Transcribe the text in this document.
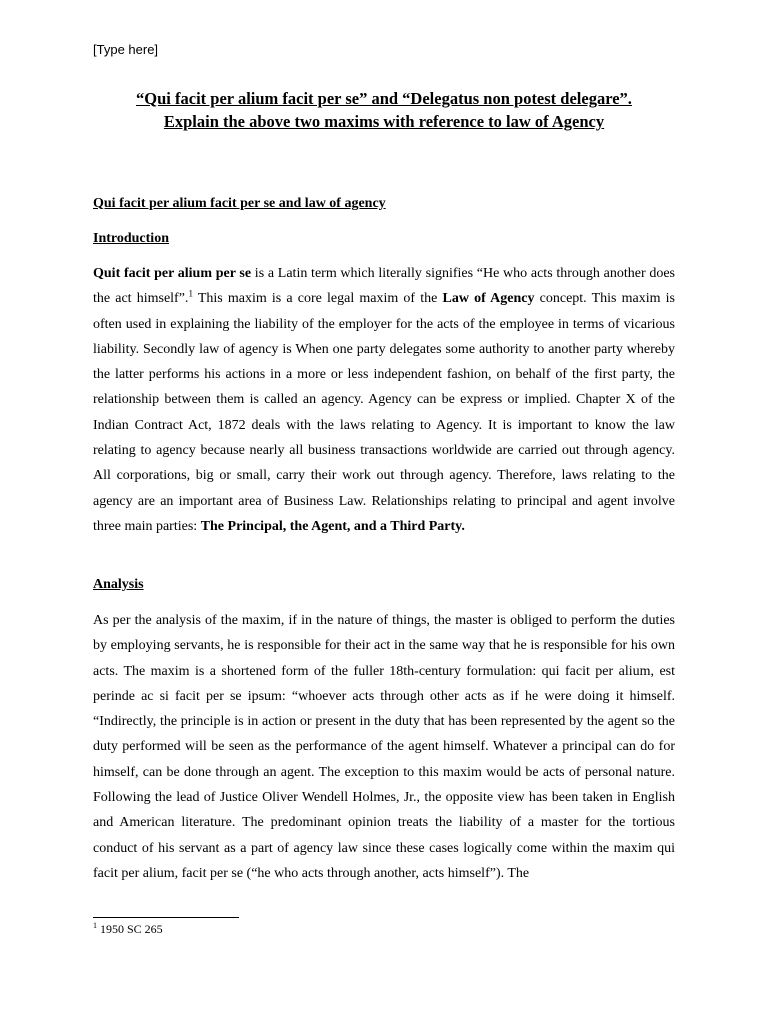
[Type here]
“Qui facit per alium facit per se” and “Delegatus non potest delegare”.
Explain the above two maxims with reference to law of Agency
Qui facit per alium facit per se and law of agency
Introduction

Quit facit per alium per se is a Latin term which literally signifies “He who acts through another does the act himself”.$^1$ This maxim is a core legal maxim of the Law of Agency concept. This maxim is often used in explaining the liability of the employer for the acts of the employee in terms of vicarious liability. Secondly law of agency is When one party delegates some authority to another party whereby the latter performs his actions in a more or less independent fashion, on behalf of the first party, the relationship between them is called an agency. Agency can be express or implied. Chapter X of the Indian Contract Act, 1872 deals with the laws relating to Agency. It is important to know the law relating to agency because nearly all business transactions worldwide are carried out through agency. All corporations, big or small, carry their work out through agency. Therefore, laws relating to the agency are an important area of Business Law. Relationships relating to principal and agent involve three main parties: The Principal, the Agent, and a Third Party.

Analysis

As per the analysis of the maxim, if in the nature of things, the master is obliged to perform the duties by employing servants, he is responsible for their act in the same way that he is responsible for his own acts. The maxim is a shortened form of the fuller 18th-century formulation: qui facit per alium, est perinde ac si facit per se ipsum: “whoever acts through other acts as if he were doing it himself. “Indirectly, the principle is in action or present in the duty that has been represented by the agent so the duty performed will be seen as the performance of the agent himself. Whatever a principal can do for himself, can be done through an agent. The exception to this maxim would be acts of personal nature. Following the lead of Justice Oliver Wendell Holmes, Jr., the opposite view has been taken in English and American literature. The predominant opinion treats the liability of a master for the tortious conduct of his servant as a part of agency law since these cases logically come within the maxim qui facit per alium, facit per se (“he who acts through another, acts himself”). The

$^1$ 1950 SC 265
